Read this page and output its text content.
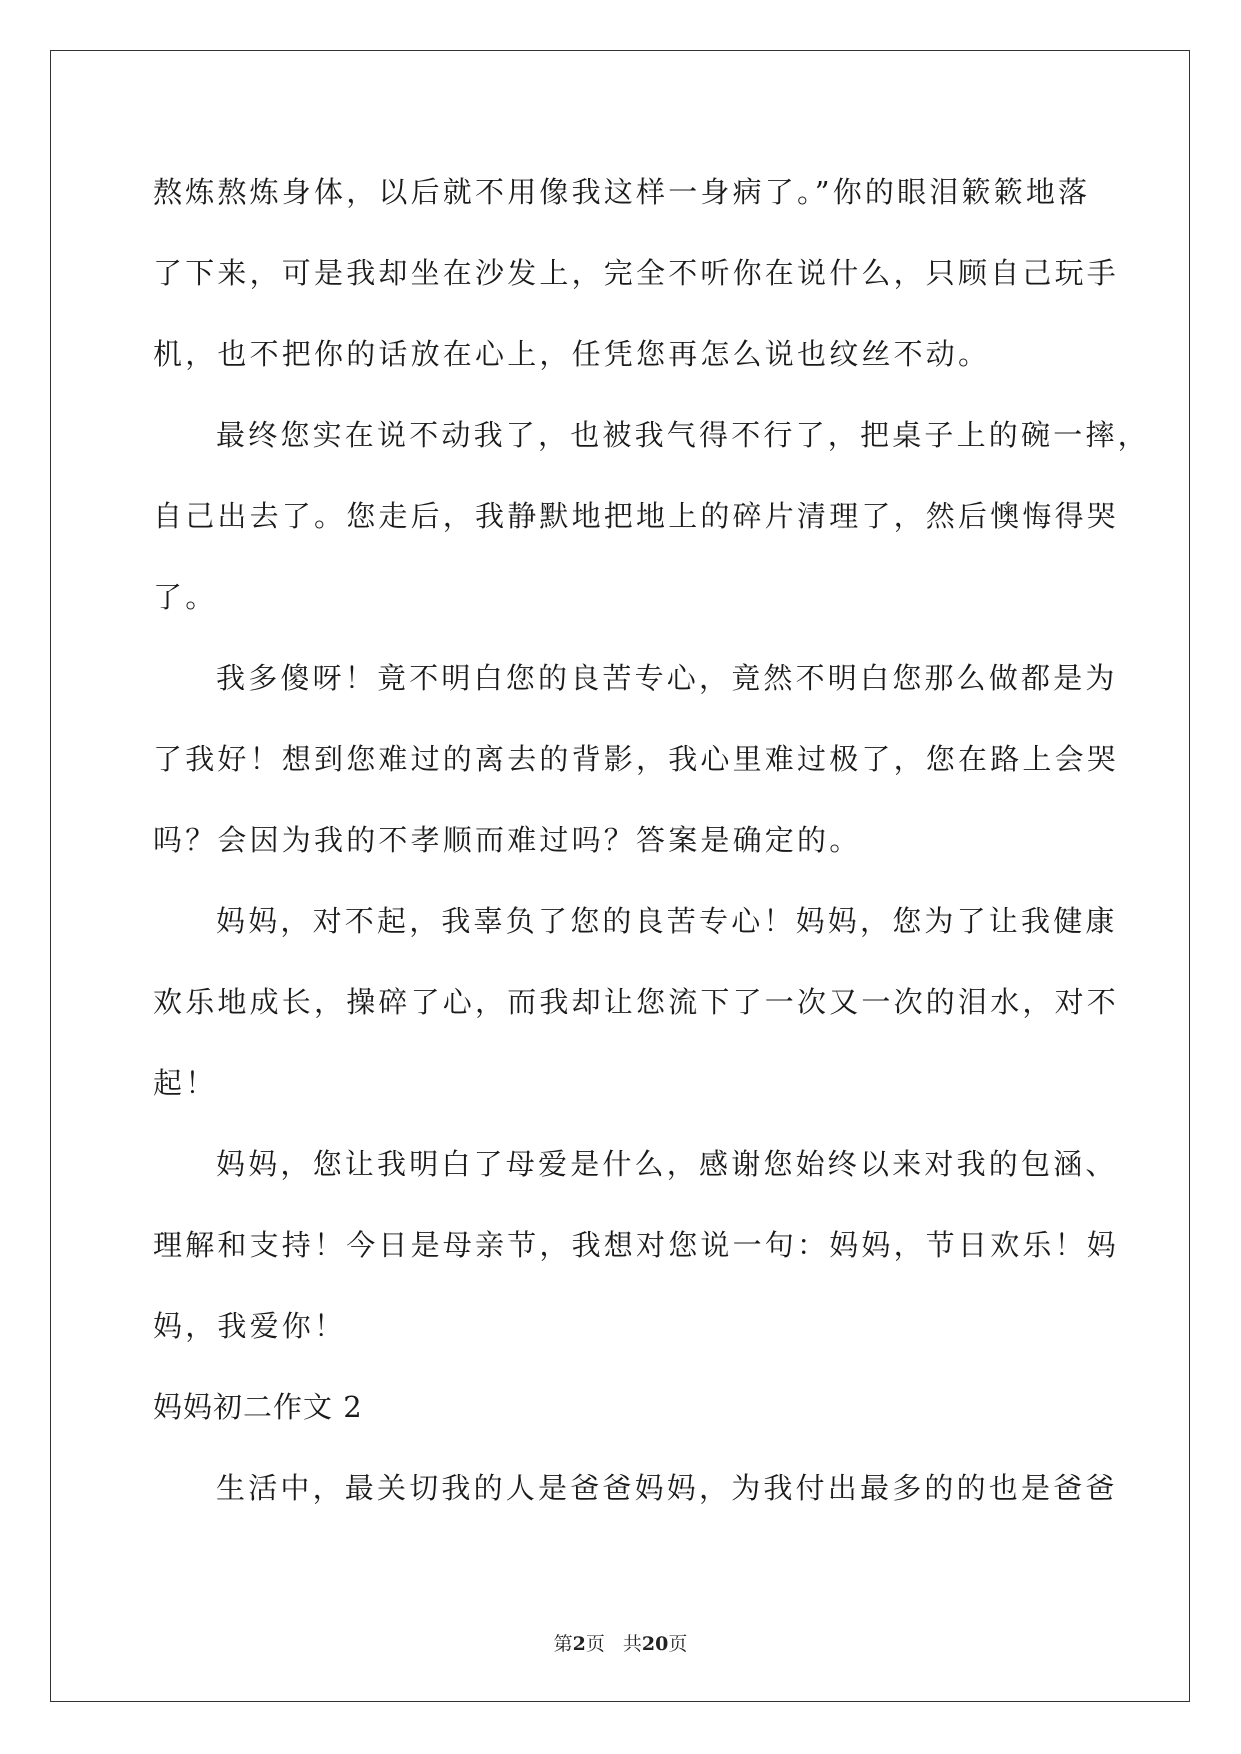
熬炼熬炼身体，以后就不用像我这样一身病了。”你的眼泪簌簌地落
了下来，可是我却坐在沙发上，完全不听你在说什么，只顾自己玩手
机，也不把你的话放在心上，任凭您再怎么说也纹丝不动。
最终您实在说不动我了，也被我气得不行了，把桌子上的碗一摔，
自己出去了。您走后，我静默地把地上的碎片清理了，然后懊悔得哭
了。
我多傻呀！竟不明白您的良苦专心，竟然不明白您那么做都是为
了我好！想到您难过的离去的背影，我心里难过极了，您在路上会哭
吗？会因为我的不孝顺而难过吗？答案是确定的。
妈妈，对不起，我辜负了您的良苦专心！妈妈，您为了让我健康
欢乐地成长，操碎了心，而我却让您流下了一次又一次的泪水，对不
起！
妈妈，您让我明白了母爱是什么，感谢您始终以来对我的包涵、
理解和支持！今日是母亲节，我想对您说一句：妈妈，节日欢乐！妈
妈，我爱你！
妈妈初二作文 2
生活中，最关切我的人是爸爸妈妈，为我付出最多的的也是爸爸
第2页 共20页
